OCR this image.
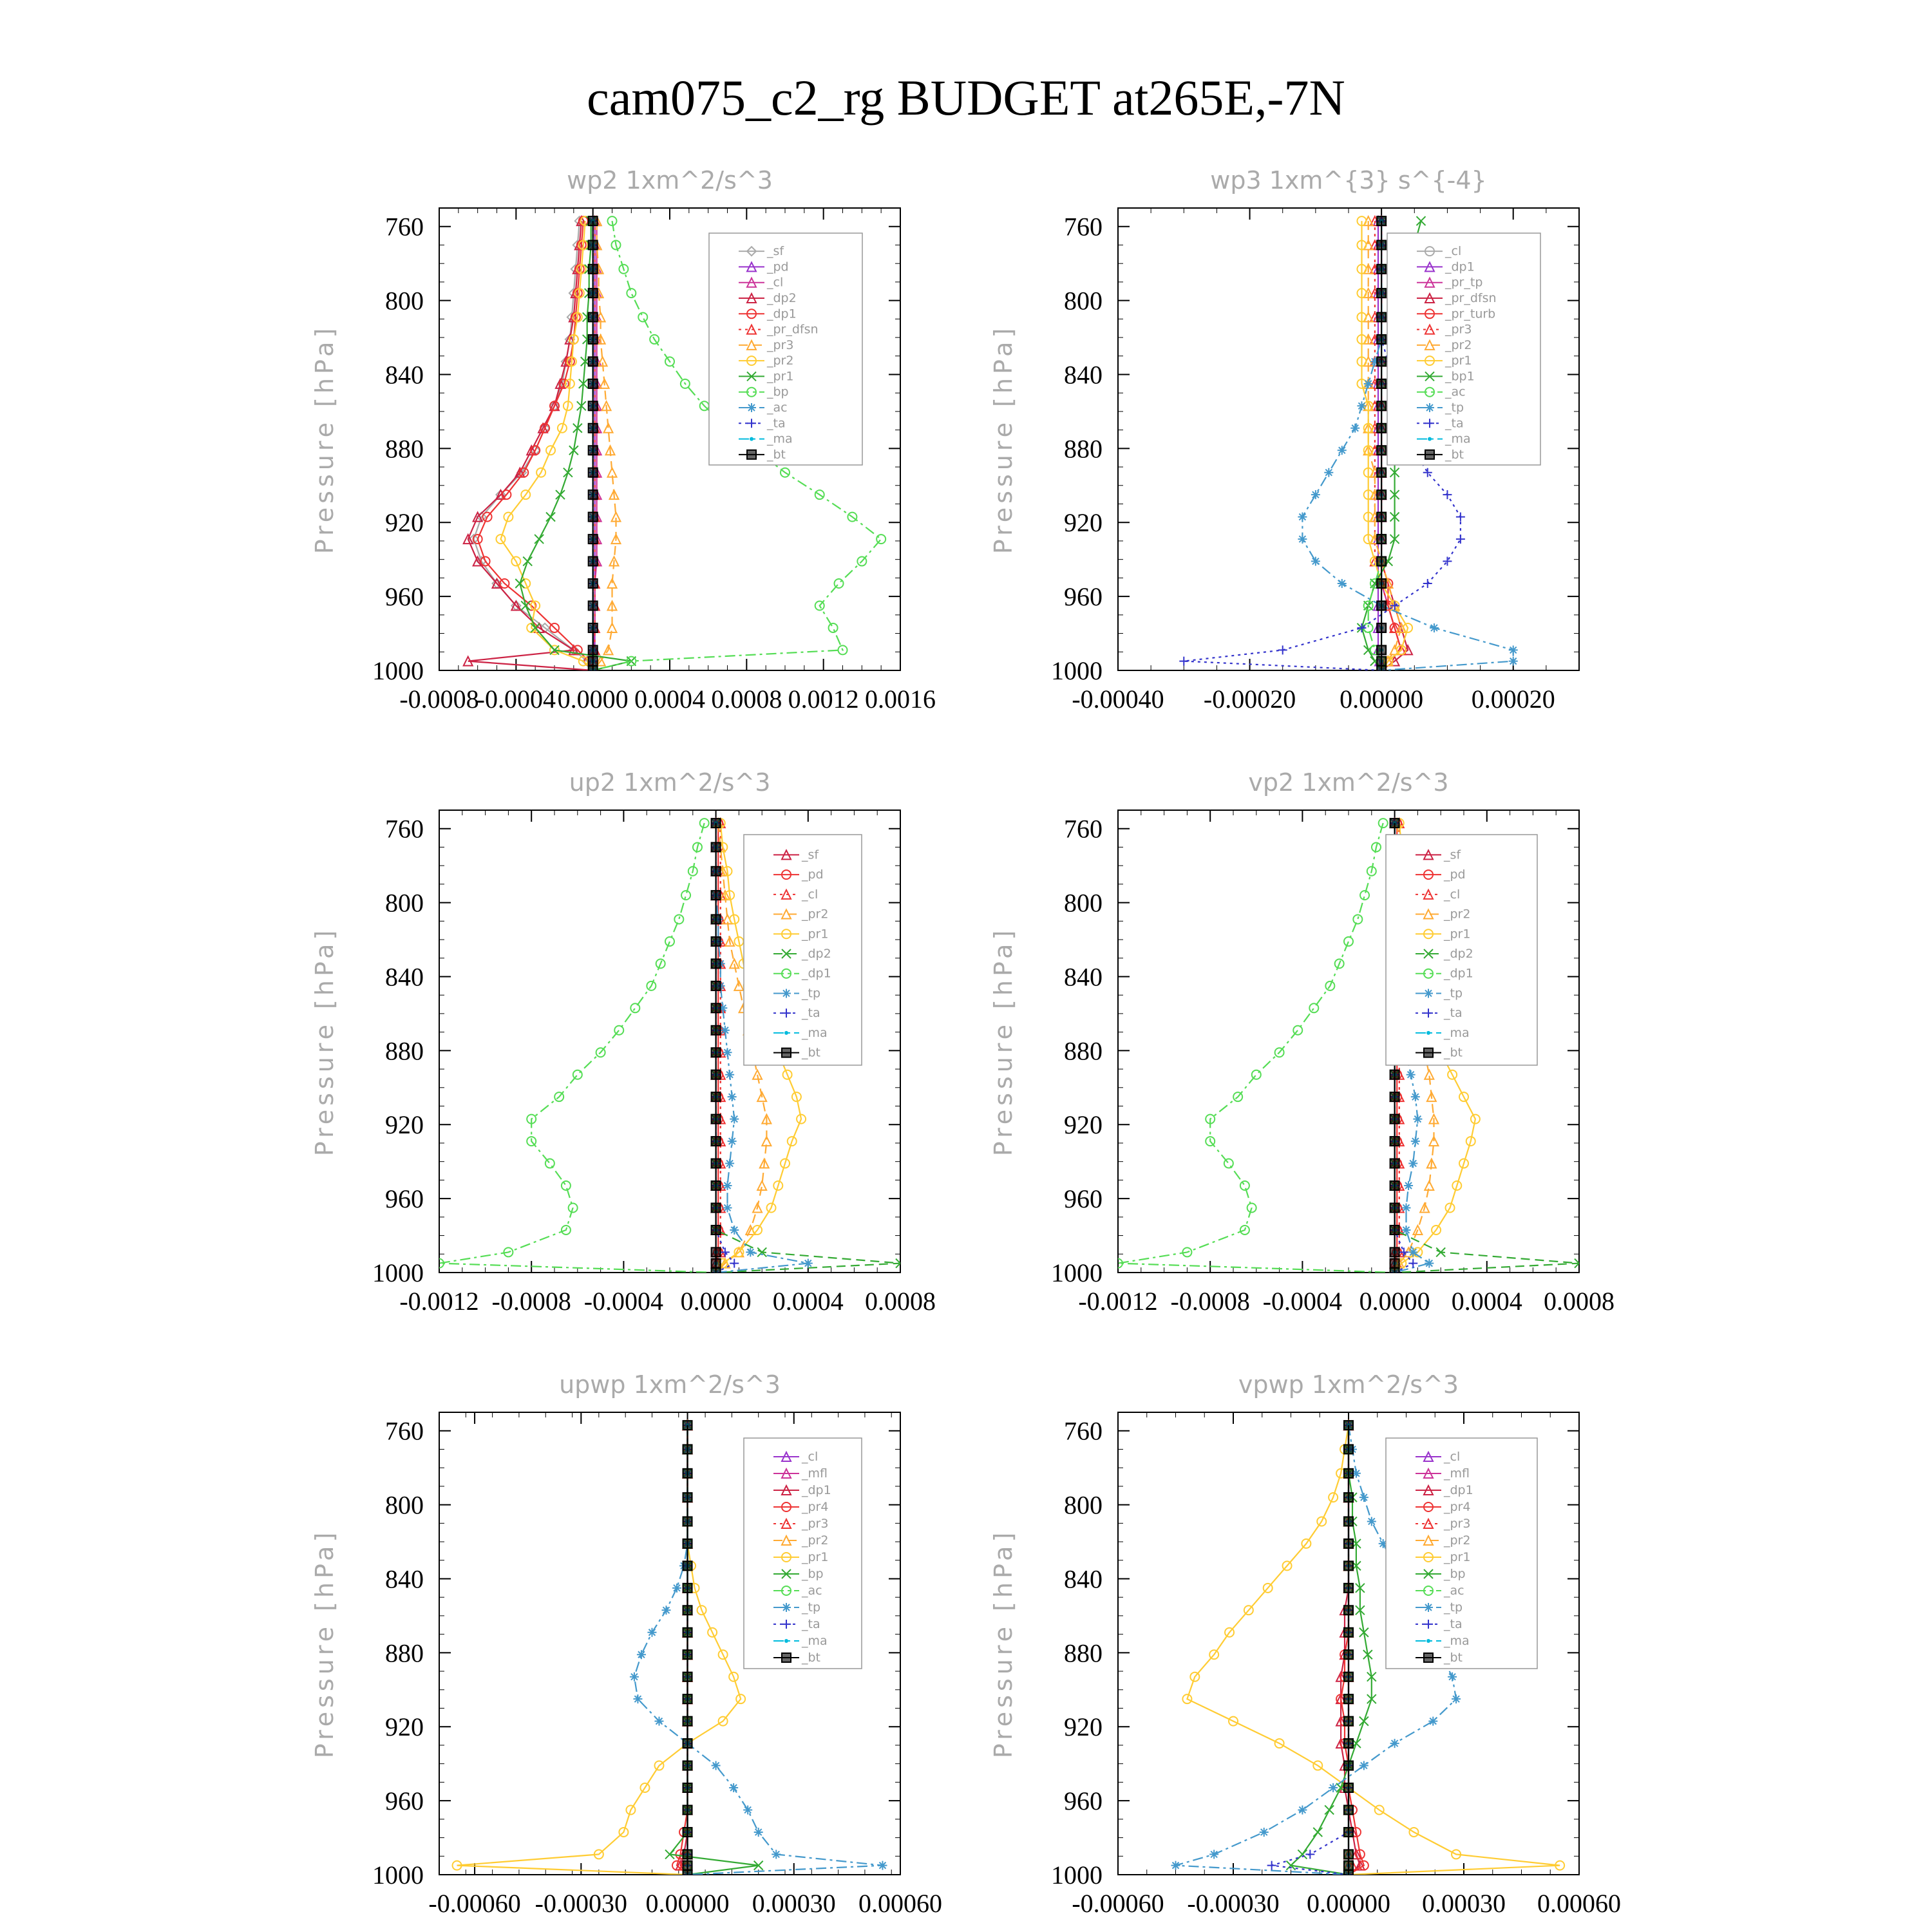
cam075_c2_rg BUDGET at265E,-7N
wp2 1xm^2/s^3
Pressure [hPa]
760
800
840
880
920
960
1000
-0.0008
-0.0004 0.0000 0.0004 0.0008 0.0012 0.0016
_sf
_pd
_cl
_dp2
_dp1
_pr_dfsn
_pr3
_pr2
_pr1
_bp
_ac
_ta
_ma
_bt
wp3 1xm^{3} s^{-4}
Pressure [hPa]
760
800
840
880
920
960
1000
-0.00040 -0.00020 0.00000 0.00020
_cl
_dp1
_pr_tp
_pr_dfsn
_pr_turb
_pr3
_pr2
_pr1
_bp1
_ac
_tp
_ta
_ma
_bt
up2 1xm^2/s^3
Pressure [hPa]
760
800
840
880
920
960
1000
-0.0012 -0.0008 -0.0004 0.0000 0.0004 0.0008
_sf
_pd
_cl
_pr2
_pr1
_dp2
_dp1
_tp
_ta
_ma
_bt
vp2 1xm^2/s^3
Pressure [hPa]
760
800
840
880
920
960
1000
-0.0012 -0.0008 -0.0004 0.0000 0.0004 0.0008
_sf
_pd
_cl
_pr2
_pr1
_dp2
_dp1
_tp
_ta
_ma
_bt
upwp 1xm^2/s^3
Pressure [hPa]
760
800
840
880
920
960
1000
-0.00060 -0.00030 0.00000 0.00030 0.00060
_cl
_mfl
_dp1
_pr4
_pr3
_pr2
_pr1
_bp
_ac
_tp
_ta
_ma
_bt
vpwp 1xm^2/s^3
Pressure [hPa]
760
800
840
880
920
960
1000
-0.00060 -0.00030 0.00000 0.00030 0.00060
_cl
_mfl
_dp1
_pr4
_pr3
_pr2
_pr1
_bp
_ac
_tp
_ta
_ma
_bt
